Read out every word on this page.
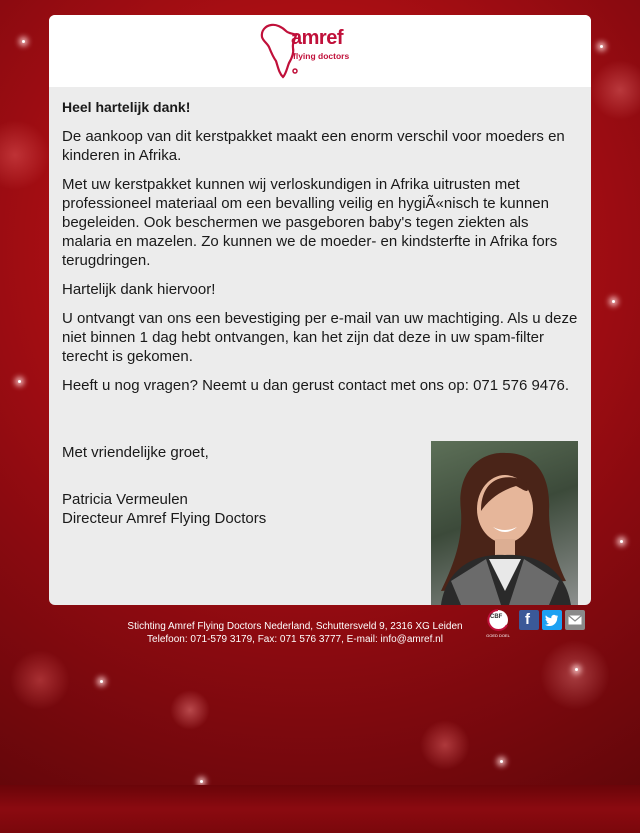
amref
flying doctors

Heel hartelijk dank!

De aankoop van dit kerstpakket maakt een enorm verschil voor moeders en kinderen in Afrika.

Met uw kerstpakket kunnen wij verloskundigen in Afrika uitrusten met professioneel materiaal om een bevalling veilig en hygiÃ«nisch te kunnen begeleiden. Ook beschermen we pasgeboren baby's tegen ziekten als malaria en mazelen. Zo kunnen we de moeder- en kindsterfte in Afrika fors terugdringen.

Hartelijk dank hiervoor!

U ontvangt van ons een bevestiging per e-mail van uw machtiging. Als u deze niet binnen 1 dag hebt ontvangen, kan het zijn dat deze in uw spam-filter terecht is gekomen.

Heeft u nog vragen? Neemt u dan gerust contact met ons op: 071 576 9476.

Met vriendelijke groet,
Patricia Vermeulen
Directeur Amref Flying Doctors
Stichting Amref Flying Doctors Nederland, Schuttersveld 9, 2316 XG Leiden
Telefoon: 071-579 3179, Fax: 071 576 3777, E-mail: info@amref.nl
CBF
GOED DOEL
f
